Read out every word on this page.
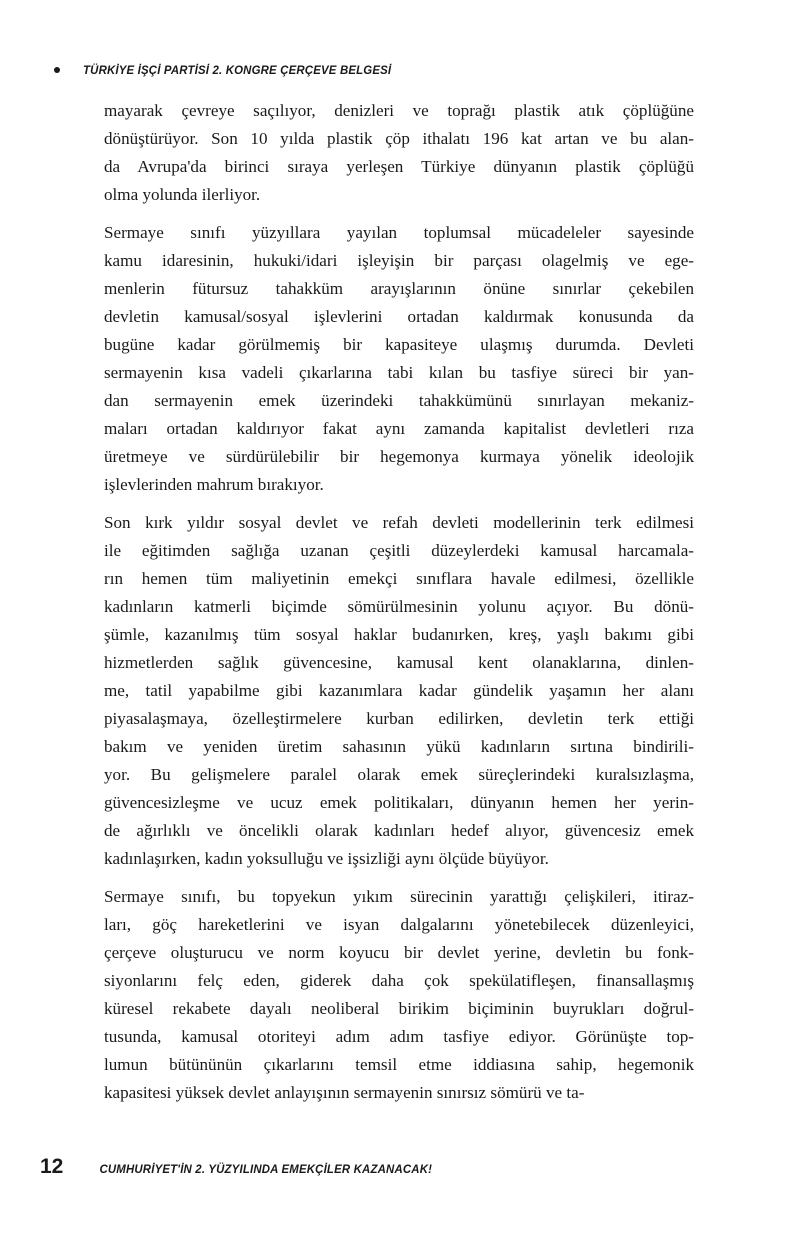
TÜRKİYE İŞÇİ PARTİSİ 2. KONGRE ÇERÇEVE BELGESİ

mayarak çevreye saçılıyor, denizleri ve toprağı plastik atık çöplüğüne
dönüştürüyor. Son 10 yılda plastik çöp ithalatı 196 kat artan ve bu alan-
da Avrupa'da birinci sıraya yerleşen Türkiye dünyanın plastik çöplüğü
olma yolunda ilerliyor.

Sermaye sınıfı yüzyıllara yayılan toplumsal mücadeleler sayesinde
kamu idaresinin, hukuki/idari işleyişin bir parçası olagelmiş ve ege-
menlerin fütursuz tahakküm arayışlarının önüne sınırlar çekebilen
devletin kamusal/sosyal işlevlerini ortadan kaldırmak konusunda da
bugüne kadar görülmemiş bir kapasiteye ulaşmış durumda. Devleti
sermayenin kısa vadeli çıkarlarına tabi kılan bu tasfiye süreci bir yan-
dan sermayenin emek üzerindeki tahakkümünü sınırlayan mekaniz-
maları ortadan kaldırıyor fakat aynı zamanda kapitalist devletleri rıza
üretmeye ve sürdürülebilir bir hegemonya kurmaya yönelik ideolojik
işlevlerinden mahrum bırakıyor.

Son kırk yıldır sosyal devlet ve refah devleti modellerinin terk edilmesi
ile eğitimden sağlığa uzanan çeşitli düzeylerdeki kamusal harcamala-
rın hemen tüm maliyetinin emekçi sınıflara havale edilmesi, özellikle
kadınların katmerli biçimde sömürülmesinin yolunu açıyor. Bu dönü-
şümle, kazanılmış tüm sosyal haklar budanırken, kreş, yaşlı bakımı gibi
hizmetlerden sağlık güvencesine, kamusal kent olanaklarına, dinlen-
me, tatil yapabilme gibi kazanımlara kadar gündelik yaşamın her alanı
piyasalaşmaya, özelleştirmelere kurban edilirken, devletin terk ettiği
bakım ve yeniden üretim sahasının yükü kadınların sırtına bindirili-
yor. Bu gelişmelere paralel olarak emek süreçlerindeki kuralsızlaşma,
güvencesizleşme ve ucuz emek politikaları, dünyanın hemen her yerin-
de ağırlıklı ve öncelikli olarak kadınları hedef alıyor, güvencesiz emek
kadınlaşırken, kadın yoksulluğu ve işsizliği aynı ölçüde büyüyor.

Sermaye sınıfı, bu topyekun yıkım sürecinin yarattığı çelişkileri, itiraz-
ları, göç hareketlerini ve isyan dalgalarını yönetebilecek düzenleyici,
çerçeve oluşturucu ve norm koyucu bir devlet yerine, devletin bu fonk-
siyonlarını felç eden, giderek daha çok spekülatifleşen, finansallaşmış
küresel rekabete dayalı neoliberal birikim biçiminin buyrukları doğrul-
tusunda, kamusal otoriteyi adım adım tasfiye ediyor. Görünüşte top-
lumun bütününün çıkarlarını temsil etme iddiasına sahip, hegemonik
kapasitesi yüksek devlet anlayışının sermayenin sınırsız sömürü ve ta-

12	CUMHURİYET'İN 2. YÜZYILINDA EMEKÇİLER KAZANACAK!
